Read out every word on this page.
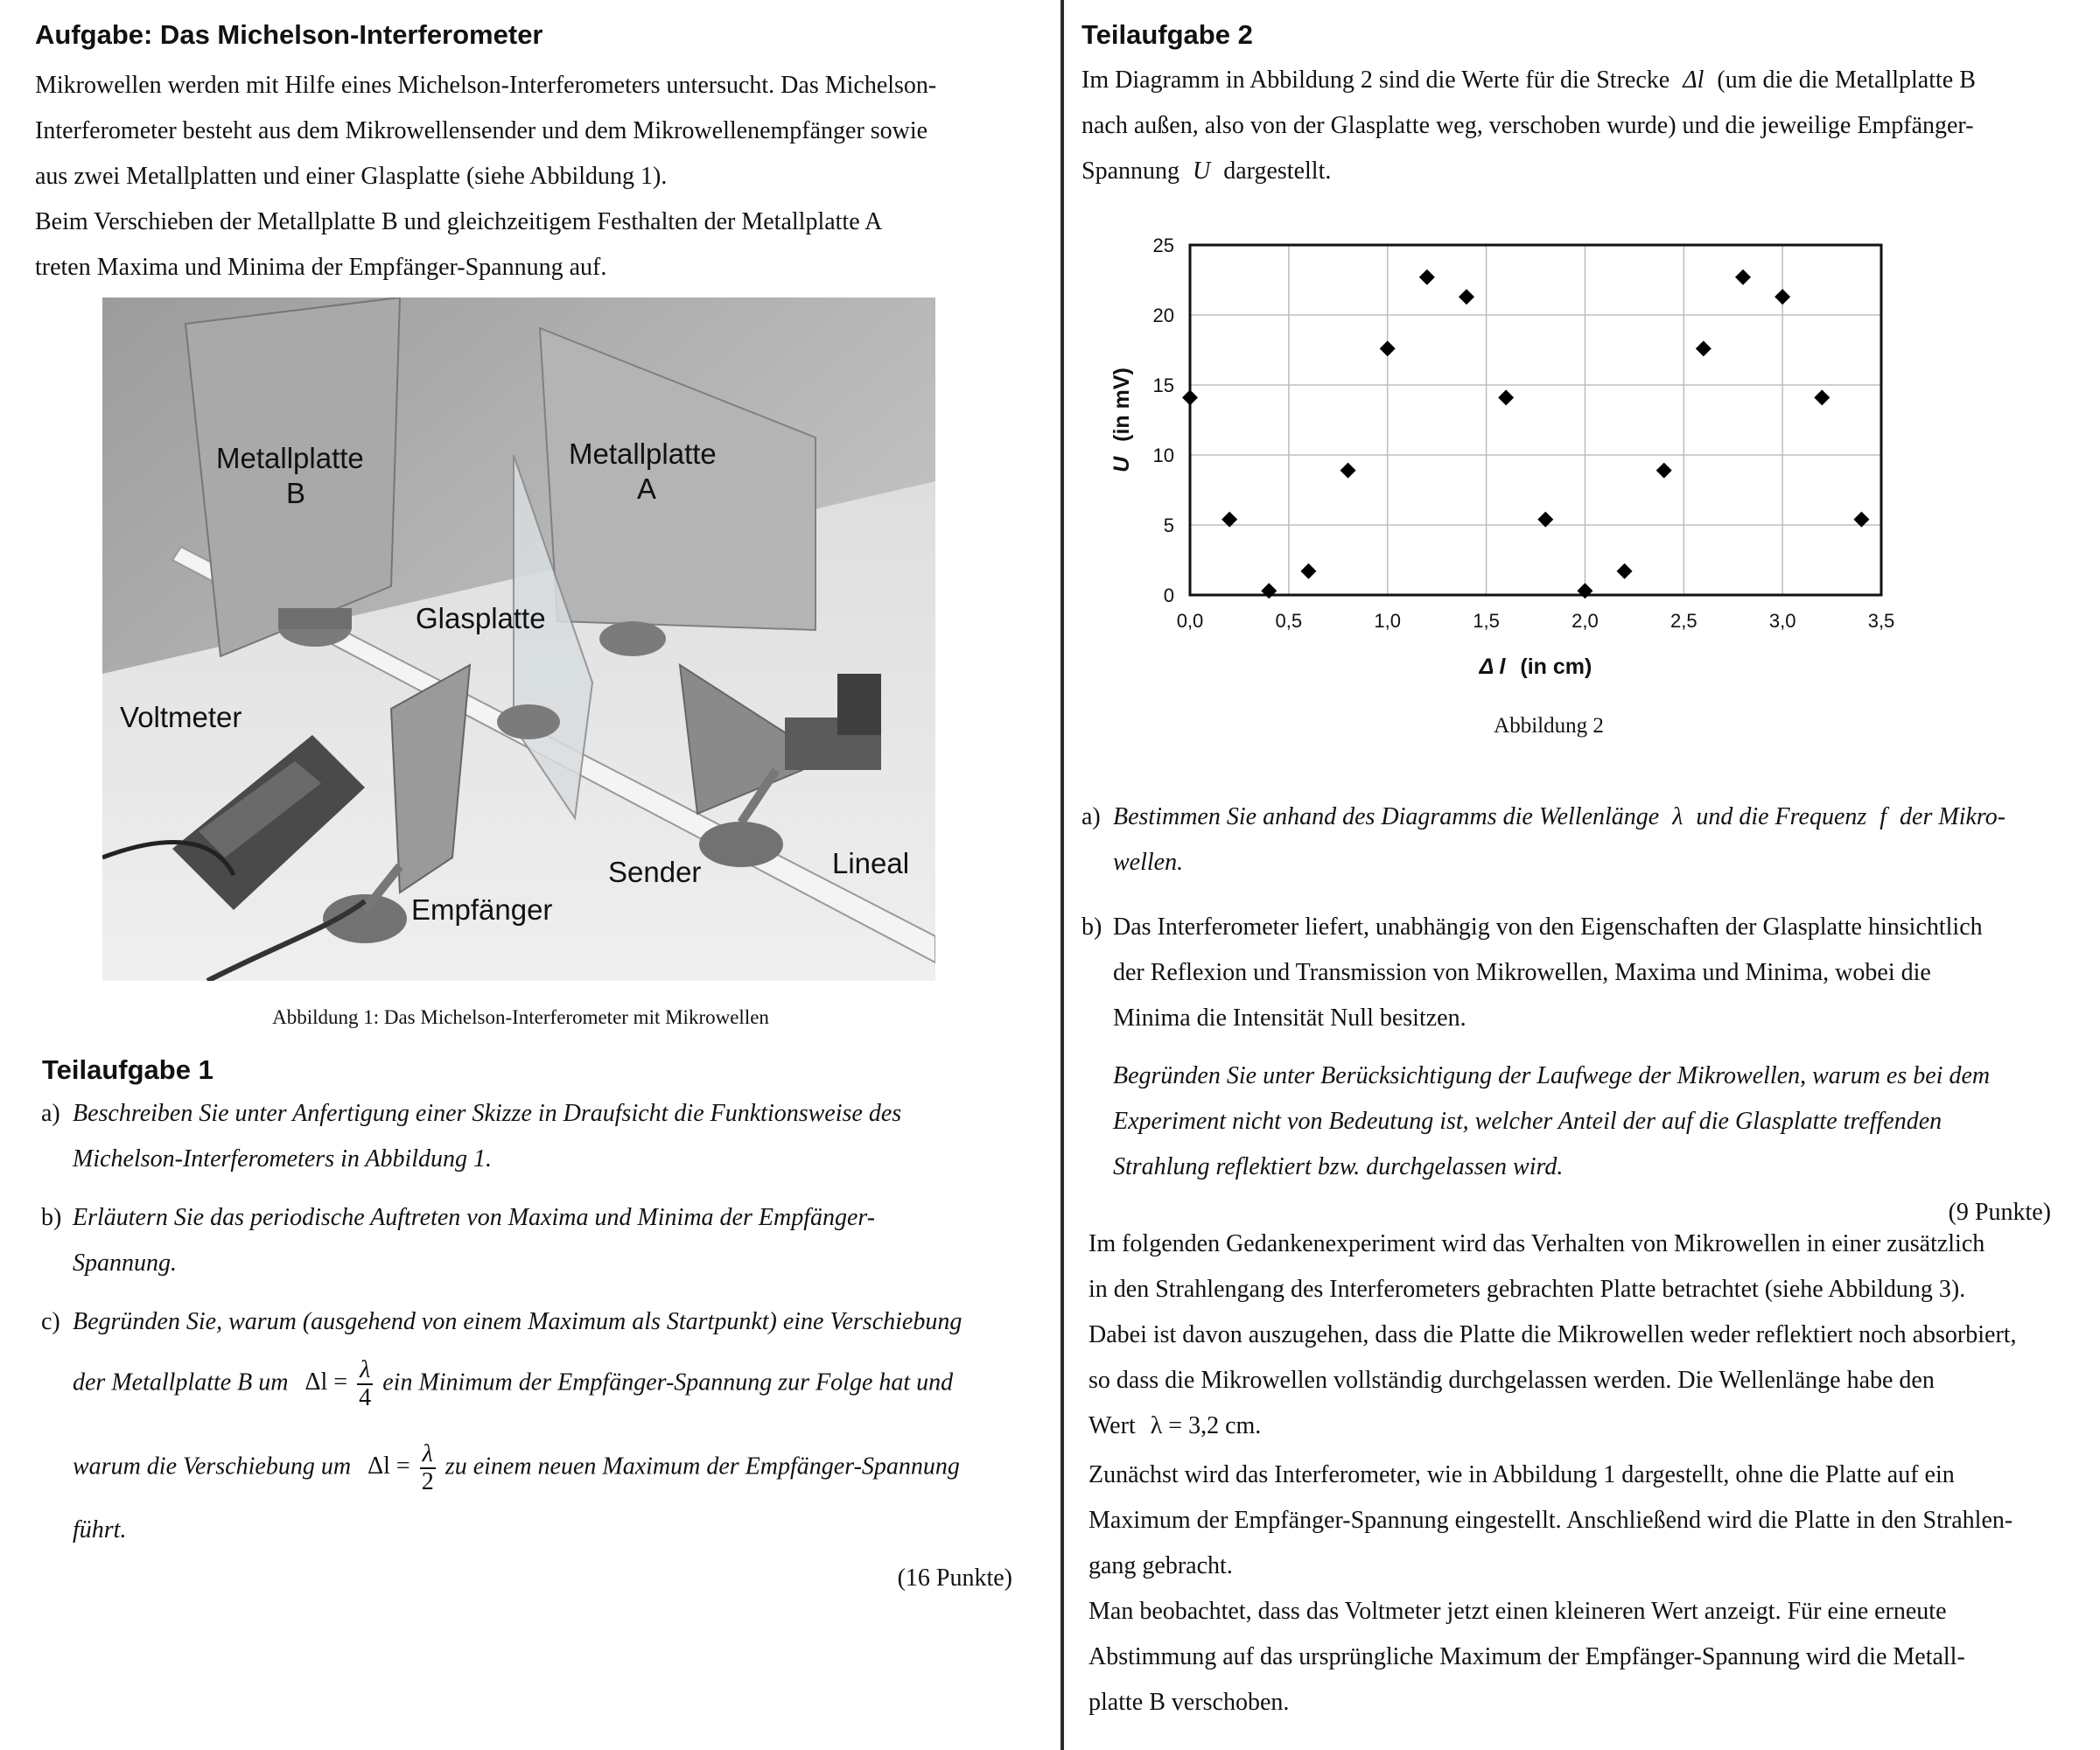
Aufgabe: Das Michelson-Interferometer
Mikrowellen werden mit Hilfe eines Michelson-Interferometers untersucht. Das Michelson-
Interferometer besteht aus dem Mikrowellensender und dem Mikrowellenempfänger sowie
aus zwei Metallplatten und einer Glasplatte (siehe Abbildung 1).
Beim Verschieben der Metallplatte B und gleichzeitigem Festhalten der Metallplatte A
treten Maxima und Minima der Empfänger-Spannung auf.
Metallplatte
B
Metallplatte
A
Glasplatte
Voltmeter
Sender	Lineal
Empfänger
Abbildung 1: Das Michelson-Interferometer mit Mikrowellen
Teilaufgabe 1
a) Beschreiben Sie unter Anfertigung einer Skizze in Draufsicht die Funktionsweise des
Michelson-Interferometers in Abbildung 1.
b) Erläutern Sie das periodische Auftreten von Maxima und Minima der Empfänger-
Spannung.
c) Begründen Sie, warum (ausgehend von einem Maximum als Startpunkt) eine Verschiebung
der Metallplatte B um $\Delta l = \frac{\lambda}{4}$ ein Minimum der Empfänger-Spannung zur Folge hat und
warum die Verschiebung um $\Delta l = \frac{\lambda}{2}$ zu einem neuen Maximum der Empfänger-Spannung
führt.
(16 Punkte)
Teilaufgabe 2
Im Diagramm in Abbildung 2 sind die Werte für die Strecke Δl (um die die Metallplatte B
nach außen, also von der Glasplatte weg, verschoben wurde) und die jeweilige Empfänger-
Spannung U dargestellt.
0,0	0,5	1,0	1,5	2,0	2,5	3,0	3,5
0
5
10
15
20
25
Δ l (in cm)
U (in mV)
Abbildung 2
a) Bestimmen Sie anhand des Diagramms die Wellenlänge λ und die Frequenz f der Mikro-
wellen.
b) Das Interferometer liefert, unabhängig von den Eigenschaften der Glasplatte hinsichtlich
der Reflexion und Transmission von Mikrowellen, Maxima und Minima, wobei die
Minima die Intensität Null besitzen.
Begründen Sie unter Berücksichtigung der Laufwege der Mikrowellen, warum es bei dem
Experiment nicht von Bedeutung ist, welcher Anteil der auf die Glasplatte treffenden
Strahlung reflektiert bzw. durchgelassen wird.
(9 Punkte)
Im folgenden Gedankenexperiment wird das Verhalten von Mikrowellen in einer zusätzlich
in den Strahlengang des Interferometers gebrachten Platte betrachtet (siehe Abbildung 3).
Dabei ist davon auszugehen, dass die Platte die Mikrowellen weder reflektiert noch absorbiert,
so dass die Mikrowellen vollständig durchgelassen werden. Die Wellenlänge habe den
Wert λ = 3,2 cm.
Zunächst wird das Interferometer, wie in Abbildung 1 dargestellt, ohne die Platte auf ein
Maximum der Empfänger-Spannung eingestellt. Anschließend wird die Platte in den Strahlen-
gang gebracht.
Man beobachtet, dass das Voltmeter jetzt einen kleineren Wert anzeigt. Für eine erneute
Abstimmung auf das ursprüngliche Maximum der Empfänger-Spannung wird die Metall-
platte B verschoben.
